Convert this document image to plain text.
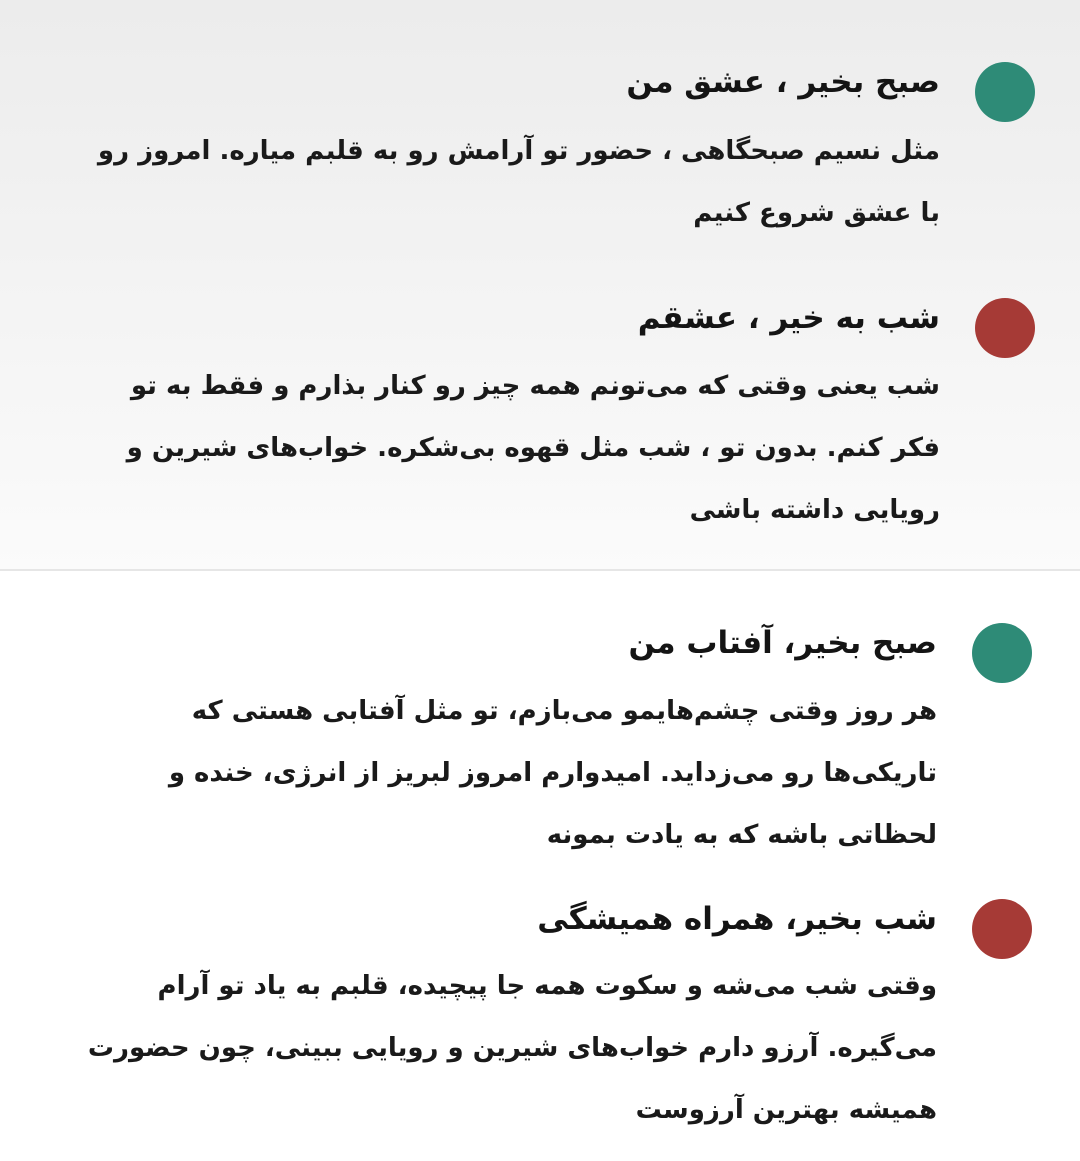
صبح بخیر ، عشق من
مثل نسیم صبحگاهی ، حضور تو آرامش رو به قلبم میاره. امروز رو با عشق شروع کنیم
شب به خیر ، عشقم
شب یعنی وقتی که می‌تونم همه چیز رو کنار بذارم و فقط به تو فکر کنم. بدون تو ، شب مثل قهوه بی‌شکره. خواب‌های شیرین و رویایی داشته باشی
صبح بخیر، آفتاب من
هر روز وقتی چشم‌هایمو می‌بازم، تو مثل آفتابی هستی که تاریکی‌ها رو می‌زداید. امیدوارم امروز لبریز از انرژی، خنده و لحظاتی باشه که به یادت بمونه
شب بخیر، همراه همیشگی
وقتی شب می‌شه و سکوت همه جا پیچیده، قلبم به یاد تو آرام می‌گیره. آرزو دارم خواب‌های شیرین و رویایی ببینی، چون حضورت همیشه بهترین آرزوست
